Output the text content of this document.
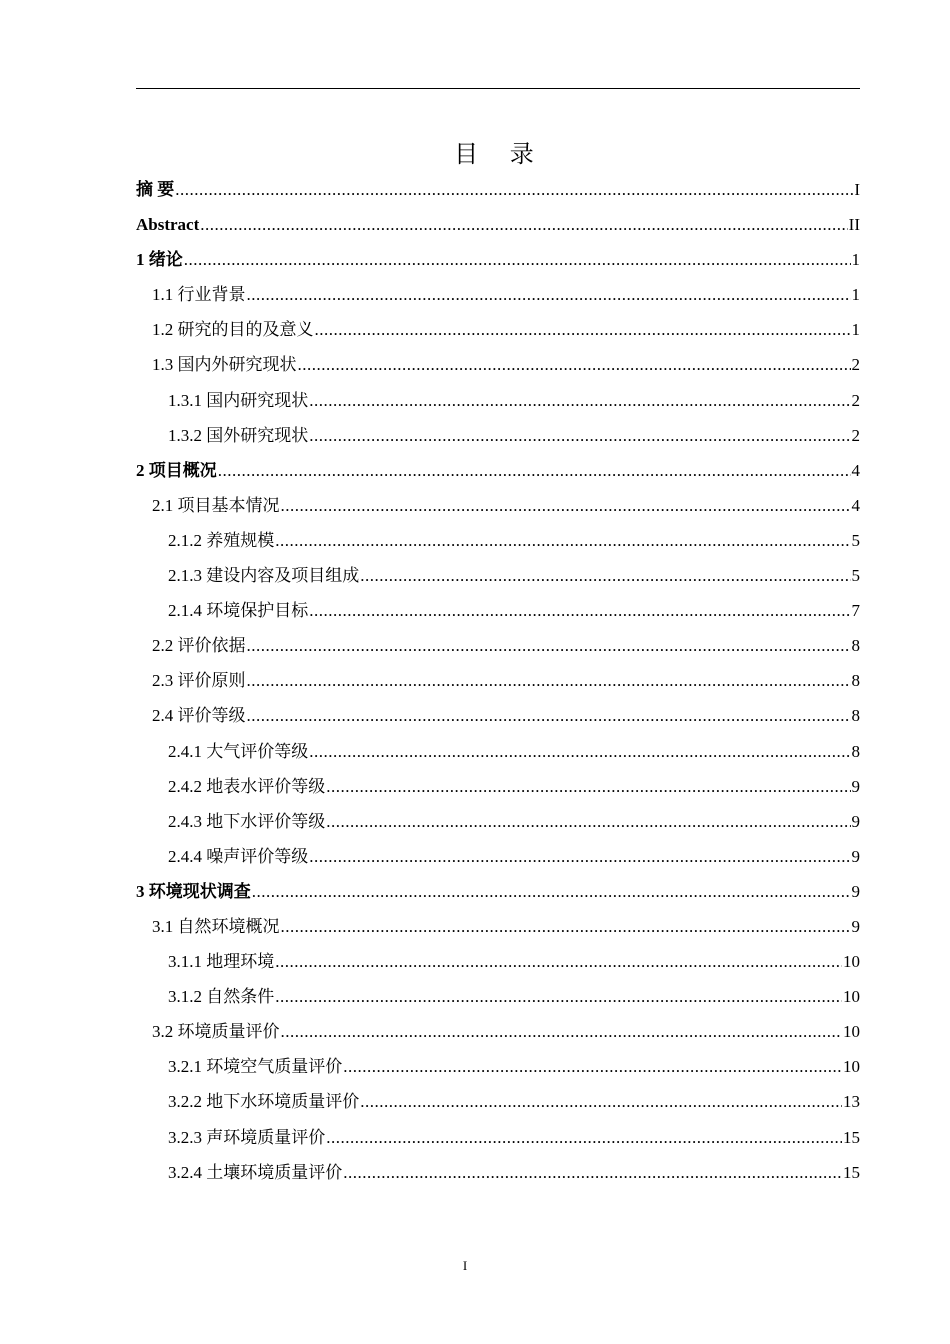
目 录
摘 要 .....	I
Abstract .....	II
1 绪论 .....	1
1.1 行业背景 .....	1
1.2 研究的目的及意义 .....	1
1.3 国内外研究现状 .....	2
1.3.1 国内研究现状 .....	2
1.3.2 国外研究现状 .....	2
2 项目概况 .....	4
2.1 项目基本情况 .....	4
2.1.2 养殖规模 .....	5
2.1.3 建设内容及项目组成 .....	5
2.1.4 环境保护目标 .....	7
2.2 评价依据 .....	8
2.3 评价原则 .....	8
2.4 评价等级 .....	8
2.4.1 大气评价等级 .....	8
2.4.2 地表水评价等级 .....	9
2.4.3 地下水评价等级 .....	9
2.4.4 噪声评价等级 .....	9
3 环境现状调查 .....	9
3.1 自然环境概况 .....	9
3.1.1 地理环境 .....	10
3.1.2 自然条件 .....	10
3.2 环境质量评价 .....	10
3.2.1 环境空气质量评价 .....	10
3.2.2 地下水环境质量评价 .....	13
3.2.3 声环境质量评价 .....	15
3.2.4 土壤环境质量评价 .....	15
I
